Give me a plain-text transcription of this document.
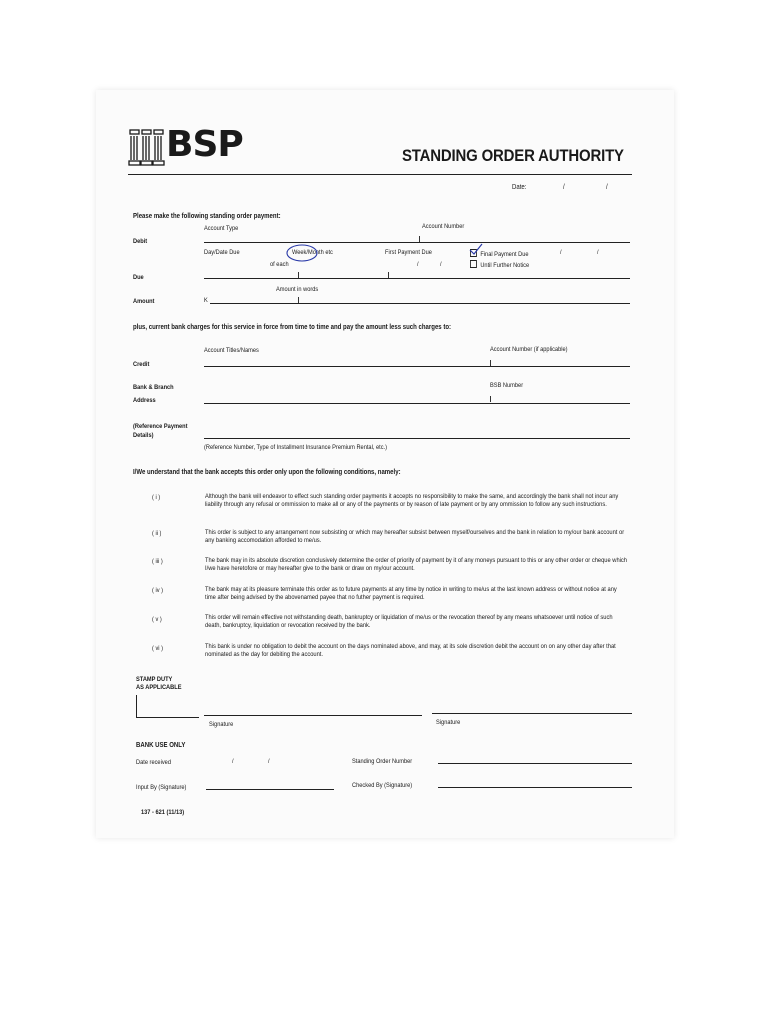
BSP	STANDING ORDER AUTHORITY
Date:	/	/
Please make the following standing order payment:
Account Type	Account Number
Debit
Day/Date Due	Week/Month etc
of each
First Payment Due
/	/
Final Payment Due	/	/
Until Further Notice
Due
Amount in words
Amount	K
plus, current bank charges for this service in force from time to time and pay the amount less such charges to:
Account Titles/Names	Account Number (if applicable)
Credit
BSB Number
Bank & Branch
Address
(Reference Payment
Details)
(Reference Number, Type of Installment Insurance Premium Rental, etc.)
I/We understand that the bank accepts this order only upon the following conditions, namely:
( i )	Although the bank will endeavor to effect such standing order payments it accepts no responsibility to make the same, and accordingly the bank shall not incur any liability through any refusal or ommission to make all or any of the payments or by reason of late payment or by any ommission to follow any such instructions.
( ii )	This order is subject to any arrangement now subsisting or which may hereafter subsist between myself/ourselves and the bank in relation to my/our bank account or any banking accomodation afforded to me/us.
( iii )	The bank may in its absolute discretion conclusively determine the order of priority of payment by it of any moneys pursuant to this or any other order or cheque which I/we have heretofore or may hereafter give to the bank or draw on my/our account.
( iv )	The bank may at its pleasure terminate this order as to future payments at any time by notice in writing to me/us at the last known address or without notice at any time after being advised by the abovenamed payee that no futher payment is required.
( v )	This order will remain effective not withstanding death, bankruptcy or liquidation of me/us or the revocation thereof by any means whatsoever until notice of such death, bankruptcy, liquidation or revocation received by the bank.
( vi )	This bank is under no obligation to debit the account on the days nominated above, and may, at its sole discretion debit the account on on any other day after that nominated as the day for debiting the account.
STAMP DUTY
AS APPLICABLE
Signature	Signature
BANK USE ONLY
Date received	/	/	Standing Order Number
Input By (Signature)	Checked By (Signature)
137 - 621 (11/13)
